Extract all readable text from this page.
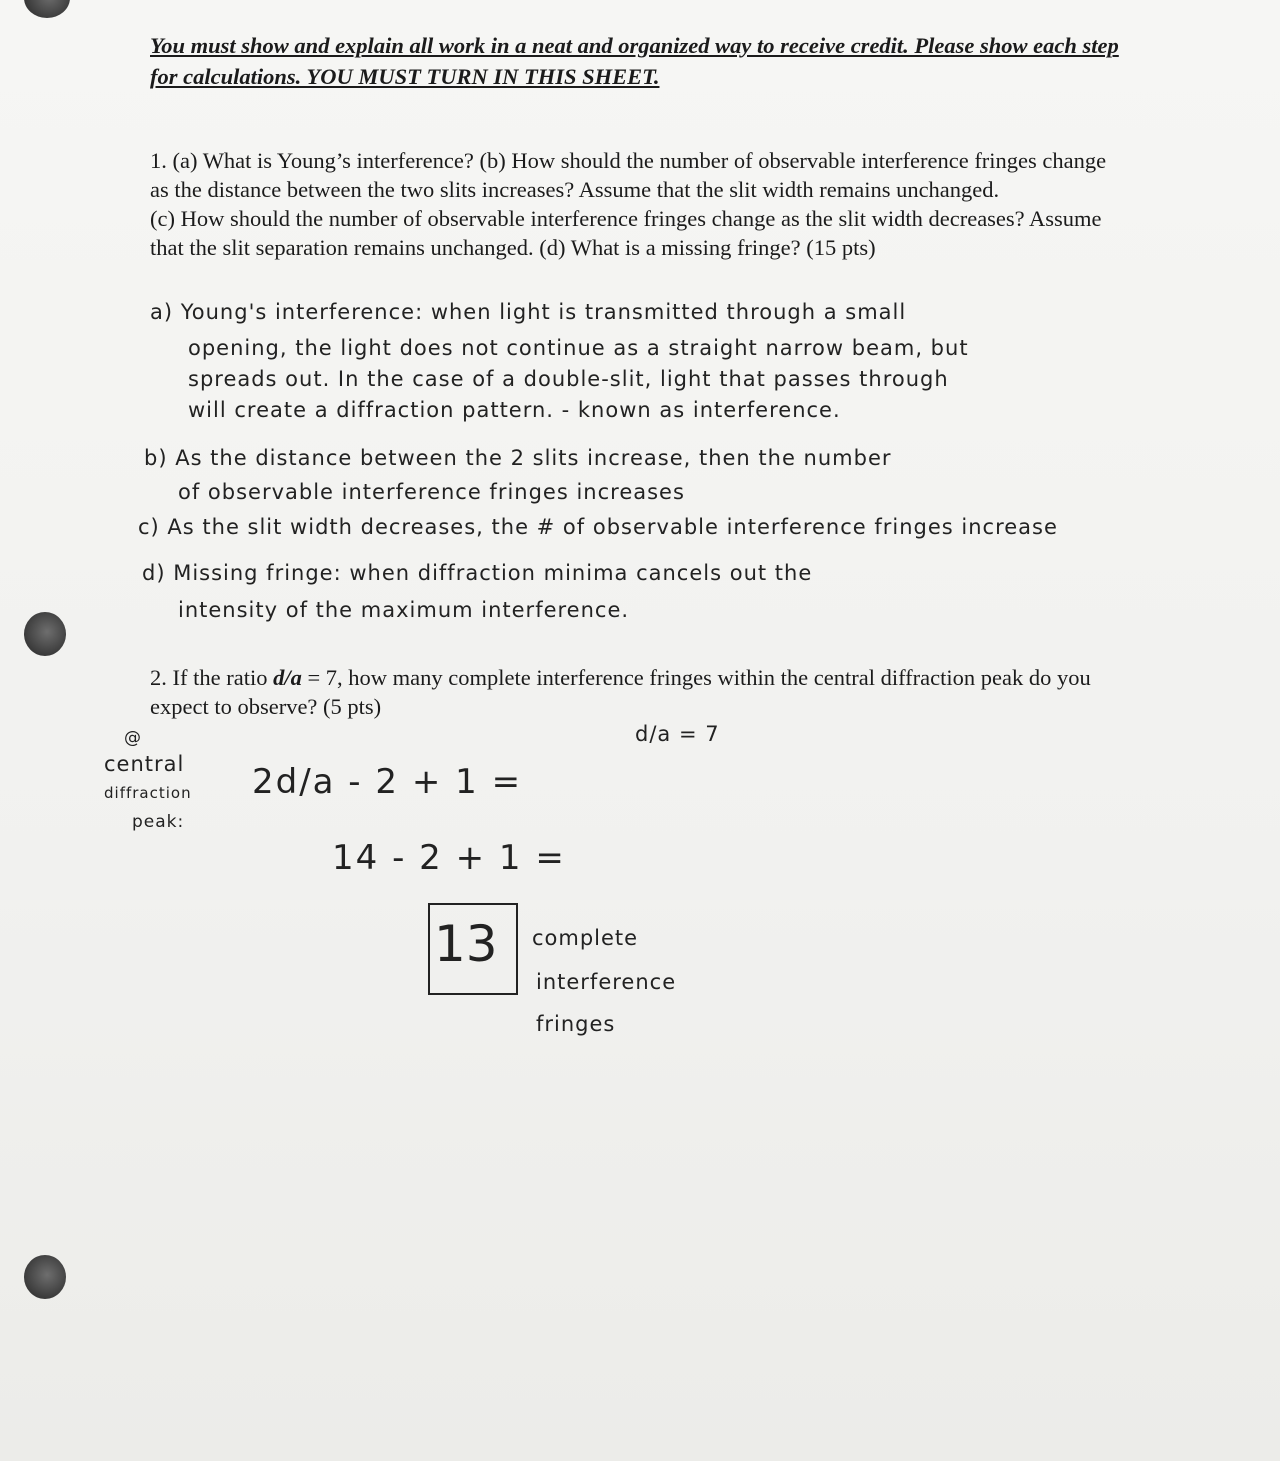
You must show and explain all work in a neat and organized way to receive credit. Please show each step for calculations. YOU MUST TURN IN THIS SHEET.

1. (a) What is Young’s interference? (b) How should the number of observable interference fringes change as the distance between the two slits increases? Assume that the slit width remains unchanged.

(c) How should the number of observable interference fringes change as the slit width decreases? Assume that the slit separation remains unchanged. (d) What is a missing fringe? (15 pts)

a) Young's interference: when light is transmitted through a small
opening, the light does not continue as a straight narrow beam, but
spreads out. In the case of a double-slit, light that passes through
will create a diffraction pattern. - known as interference.
b) As the distance between the 2 slits increase, then the number
of observable interference fringes increases
c) As the slit width decreases, the # of observable interference fringes increase
d) Missing fringe: when diffraction minima cancels out the
intensity of the maximum interference.

2. If the ratio d/a = 7, how many complete interference fringes within the central diffraction peak do you expect to observe? (5 pts)

d/a = 7
@
central
diffraction
peak:
2d/a - 2 + 1 =
14 - 2 + 1 =
13 complete
interference
fringes
